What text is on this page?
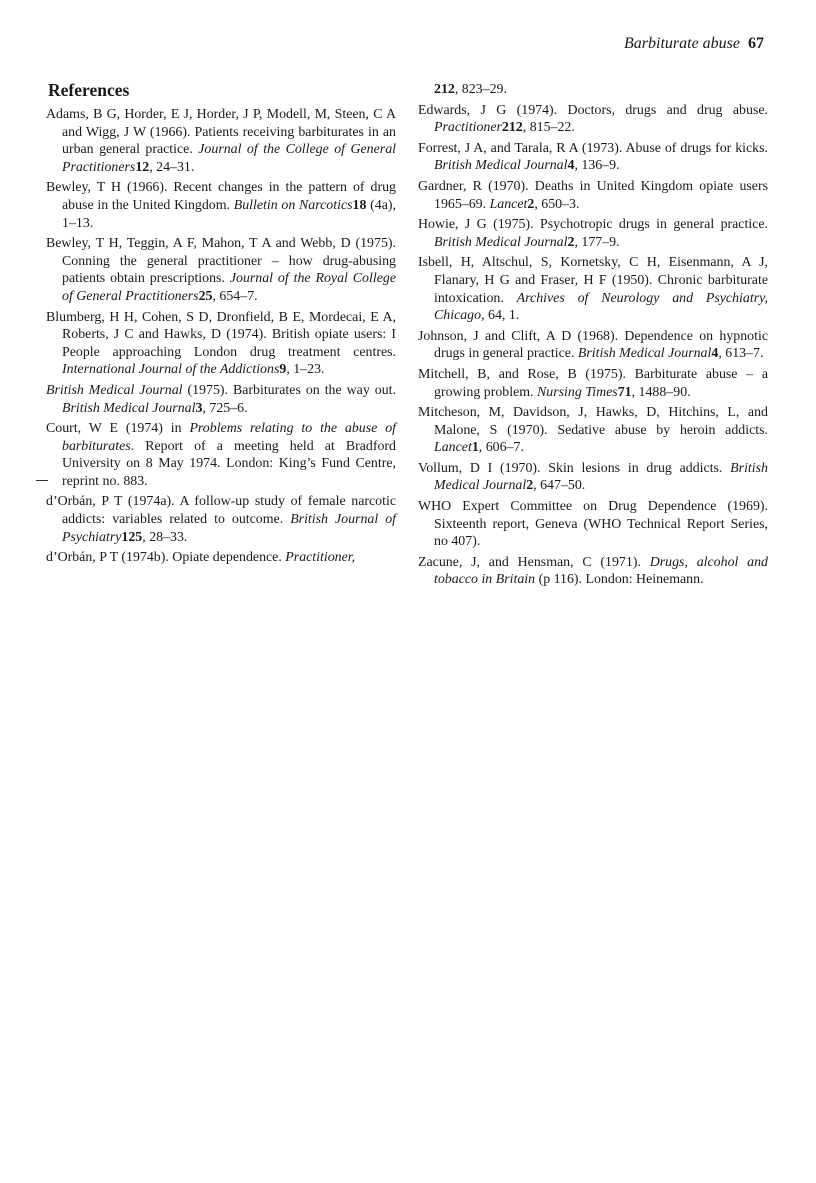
Barbiturate abuse 67
References

Adams, B G, Horder, E J, Horder, J P, Modell, M, Steen, C A and Wigg, J W (1966). Patients receiving barbiturates in an urban general practice. Journal of the College of General Practitioners12, 24–31.

Bewley, T H (1966). Recent changes in the pattern of drug abuse in the United Kingdom. Bulletin on Narcotics18 (4a), 1–13.

Bewley, T H, Teggin, A F, Mahon, T A and Webb, D (1975). Conning the general practitioner – how drug-abusing patients obtain prescriptions. Journal of the Royal College of General Practitioners25, 654–7.

Blumberg, H H, Cohen, S D, Dronfield, B E, Mordecai, E A, Roberts, J C and Hawks, D (1974). British opiate users: I People approaching London drug treatment centres. International Journal of the Addictions9, 1–23.

British Medical Journal (1975). Barbiturates on the way out. British Medical Journal3, 725–6.

Court, W E (1974) in Problems relating to the abuse of barbiturates. Report of a meeting held at Bradford University on 8 May 1974. London: King’s Fund Centre, reprint no. 883.

d’Orbán, P T (1974a). A follow-up study of female narcotic addicts: variables related to outcome. British Journal of Psychiatry125, 28–33.

d’Orbán, P T (1974b). Opiate dependence. Practitioner,

212, 823–29.

Edwards, J G (1974). Doctors, drugs and drug abuse. Practitioner212, 815–22.

Forrest, J A, and Tarala, R A (1973). Abuse of drugs for kicks. British Medical Journal4, 136–9.

Gardner, R (1970). Deaths in United Kingdom opiate users 1965–69. Lancet2, 650–3.

Howie, J G (1975). Psychotropic drugs in general practice. British Medical Journal2, 177–9.

Isbell, H, Altschul, S, Kornetsky, C H, Eisenmann, A J, Flanary, H G and Fraser, H F (1950). Chronic barbiturate intoxication. Archives of Neurology and Psychiatry, Chicago, 64, 1.

Johnson, J and Clift, A D (1968). Dependence on hypnotic drugs in general practice. British Medical Journal4, 613–7.

Mitchell, B, and Rose, B (1975). Barbiturate abuse – a growing problem. Nursing Times71, 1488–90.

Mitcheson, M, Davidson, J, Hawks, D, Hitchins, L, and Malone, S (1970). Sedative abuse by heroin addicts. Lancet1, 606–7.

Vollum, D I (1970). Skin lesions in drug addicts. British Medical Journal2, 647–50.

WHO Expert Committee on Drug Dependence (1969). Sixteenth report, Geneva (WHO Technical Report Series, no 407).

Zacune, J, and Hensman, C (1971). Drugs, alcohol and tobacco in Britain (p 116). London: Heinemann.
